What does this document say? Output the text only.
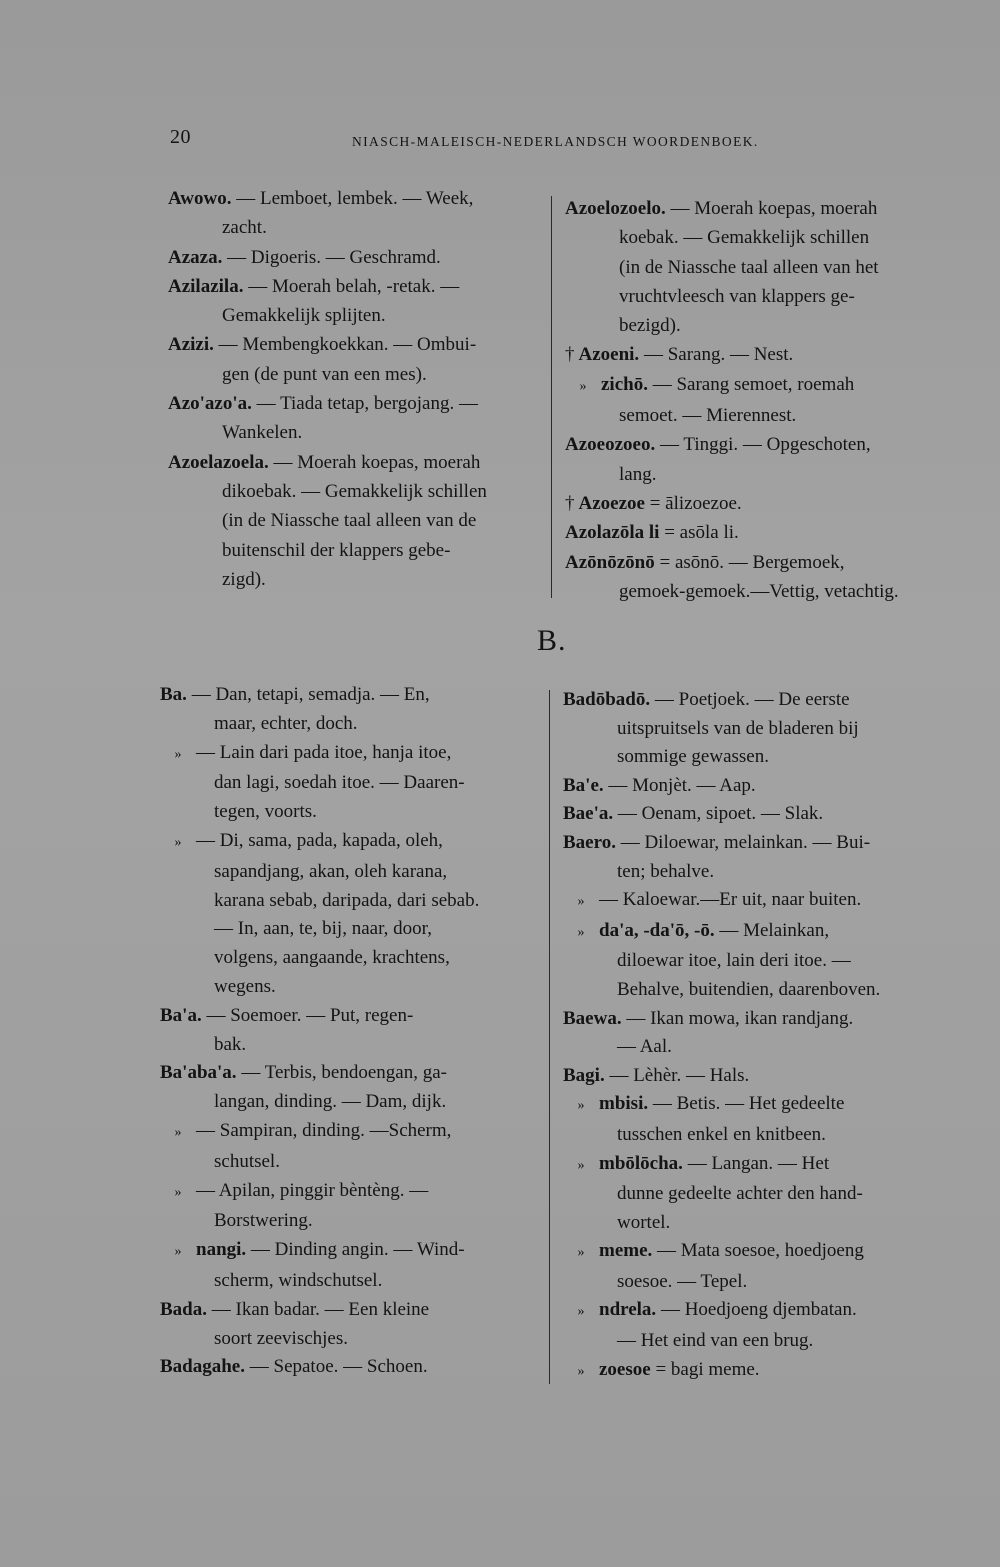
20	NIASCH-MALEISCH-NEDERLANDSCH WOORDENBOEK.
Awowo. — Lemboet, lembek. — Week,
zacht.
Azaza. — Digoeris. — Geschramd.
Azilazila. — Moerah belah, -retak. —
Gemakkelijk splijten.
Azizi. — Membengkoekkan. — Ombui-
gen (de punt van een mes).
Azo'azo'a. — Tiada tetap, bergojang. —
Wankelen.
Azoelazoela. — Moerah koepas, moerah
dikoebak. — Gemakkelijk schillen
(in de Niassche taal alleen van de
buitenschil der klappers gebe-
zigd).
Azoelozoelo. — Moerah koepas, moerah
koebak. — Gemakkelijk schillen
(in de Niassche taal alleen van het
vruchtvleesch van klappers ge-
bezigd).
† Azoeni. — Sarang. — Nest.
» zichō. — Sarang semoet, roemah
semoet. — Mierennest.
Azoeozoeo. — Tinggi. — Opgeschoten,
lang.
† Azoezoe = ālizoezoe.
Azolazōla li = asōla li.
Azōnōzōnō = asōnō. — Bergemoek,
gemoek-gemoek.—Vettig, vetachtig.
B.
Ba. — Dan, tetapi, semadja. — En,
maar, echter, doch.
» — Lain dari pada itoe, hanja itoe,
dan lagi, soedah itoe. — Daaren-
tegen, voorts.
» — Di, sama, pada, kapada, oleh,
sapandjang, akan, oleh karana,
karana sebab, daripada, dari sebab.
— In, aan, te, bij, naar, door,
volgens, aangaande, krachtens,
wegens.
Ba'a. — Soemoer. — Put, regen-
bak.
Ba'aba'a. — Terbis, bendoengan, ga-
langan, dinding. — Dam, dijk.
» — Sampiran, dinding. —Scherm,
schutsel.
» — Apilan, pinggir bèntèng. —
Borstwering.
» nangi. — Dinding angin. — Wind-
scherm, windschutsel.
Bada. — Ikan badar. — Een kleine
soort zeevischjes.
Badagahe. — Sepatoe. — Schoen.
Badōbadō. — Poetjoek. — De eerste
uitspruitsels van de bladeren bij
sommige gewassen.
Ba'e. — Monjèt. — Aap.
Bae'a. — Oenam, sipoet. — Slak.
Baero. — Diloewar, melainkan. — Bui-
ten; behalve.
» — Kaloewar.—Er uit, naar buiten.
» da'a, -da'ō, -ō. — Melainkan,
diloewar itoe, lain deri itoe. —
Behalve, buitendien, daarenboven.
Baewa. — Ikan mowa, ikan randjang.
— Aal.
Bagi. — Lèhèr. — Hals.
» mbisi. — Betis. — Het gedeelte
tusschen enkel en knitbeen.
» mbōlōcha. — Langan. — Het
dunne gedeelte achter den hand-
wortel.
» meme. — Mata soesoe, hoedjoeng
soesoe. — Tepel.
» ndrela. — Hoedjoeng djembatan.
— Het eind van een brug.
» zoesoe = bagi meme.
